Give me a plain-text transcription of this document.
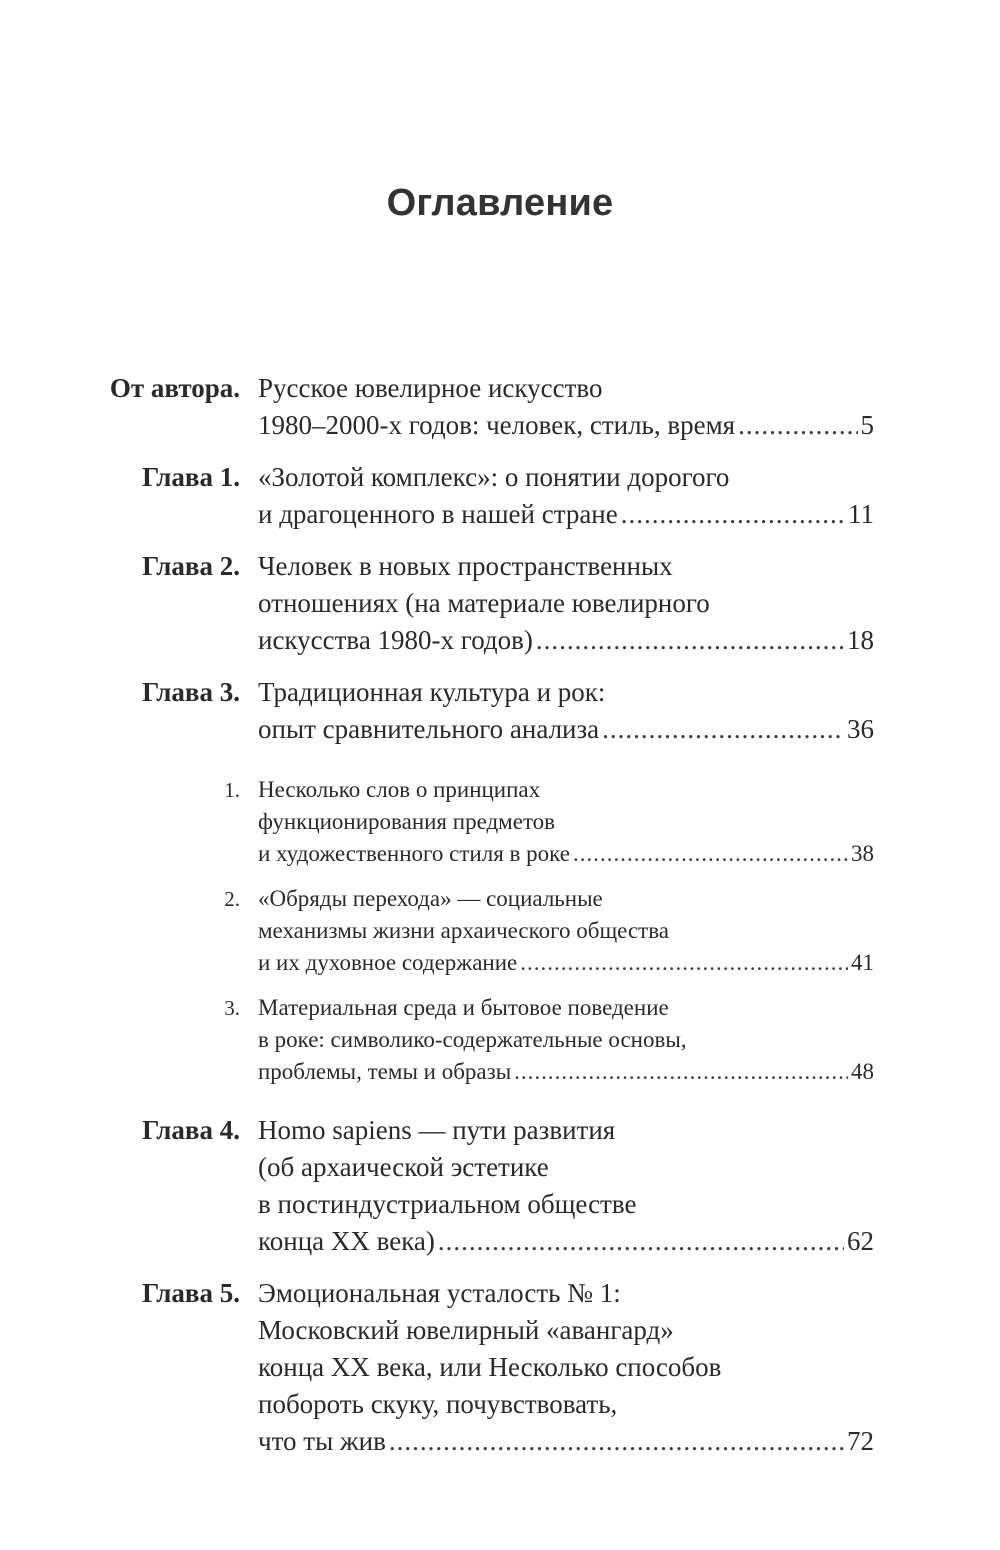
Оглавление
От автора. Русское ювелирное искусство
1980–2000-х годов: человек, стиль, время .....	5
Глава 1. «Золотой комплекс»: о понятии дорогого
и драгоценного в нашей стране .....	11
Глава 2. Человек в новых пространственных
отношениях (на материале ювелирного
искусства 1980-х годов) .....	18
Глава 3. Традиционная культура и рок:
опыт сравнительного анализа .....	36
1. Несколько слов о принципах
функционирования предметов
и художественного стиля в роке .....	38
2. «Обряды перехода» — социальные
механизмы жизни архаического общества
и их духовное содержание .....	41
3. Материальная среда и бытовое поведение
в роке: символико-содержательные основы,
проблемы, темы и образы .....	48
Глава 4. Homo sapiens — пути развития
(об архаической эстетике
в постиндустриальном обществе
конца XX века) .....	62
Глава 5. Эмоциональная усталость № 1:
Московский ювелирный «авангард»
конца XX века, или Несколько способов
побороть скуку, почувствовать,
что ты жив .....	72
